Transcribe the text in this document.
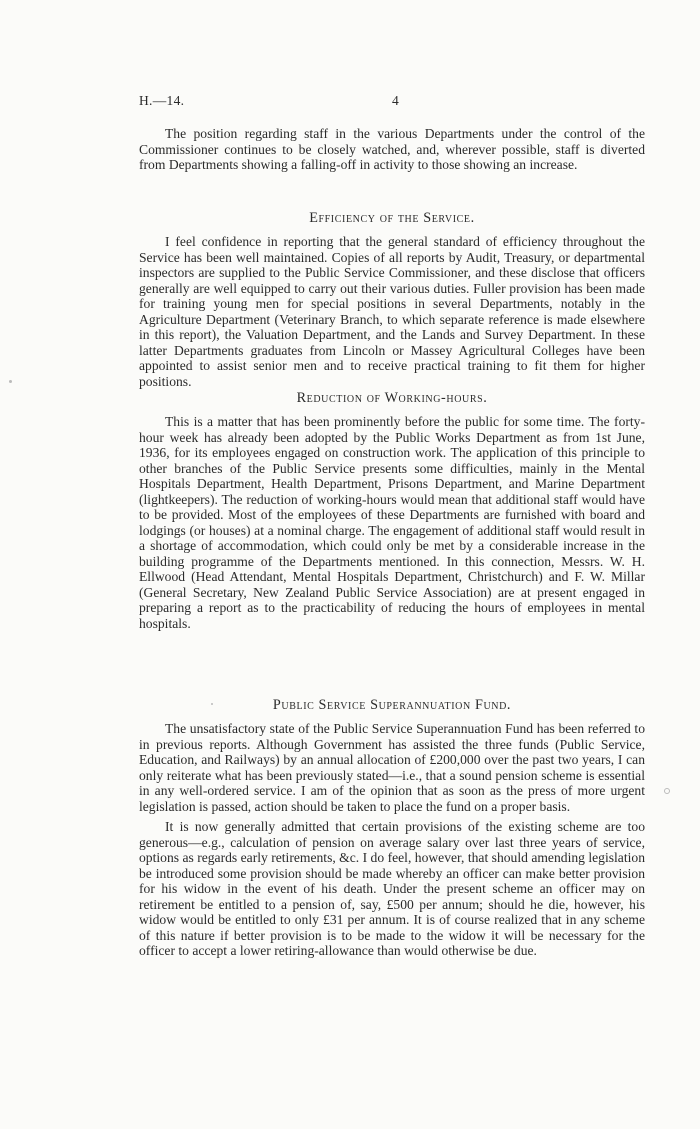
H.—14.	4

The position regarding staff in the various Departments under the control of the Commissioner continues to be closely watched, and, wherever possible, staff is diverted from Departments showing a falling-off in activity to those showing an increase.

Efficiency of the Service.

I feel confidence in reporting that the general standard of efficiency throughout the Service has been well maintained. Copies of all reports by Audit, Treasury, or departmental inspectors are supplied to the Public Service Commissioner, and these disclose that officers generally are well equipped to carry out their various duties. Fuller provision has been made for training young men for special positions in several Departments, notably in the Agriculture Department (Veterinary Branch, to which separate reference is made elsewhere in this report), the Valuation Department, and the Lands and Survey Department. In these latter Departments graduates from Lincoln or Massey Agricultural Colleges have been appointed to assist senior men and to receive practical training to fit them for higher positions.

Reduction of Working-hours.

This is a matter that has been prominently before the public for some time. The forty-hour week has already been adopted by the Public Works Department as from 1st June, 1936, for its employees engaged on construction work. The application of this principle to other branches of the Public Service presents some difficulties, mainly in the Mental Hospitals Department, Health Department, Prisons Department, and Marine Department (lightkeepers). The reduction of working-hours would mean that additional staff would have to be provided. Most of the employees of these Departments are furnished with board and lodgings (or houses) at a nominal charge. The engagement of additional staff would result in a shortage of accommodation, which could only be met by a considerable increase in the building programme of the Departments mentioned. In this connection, Messrs. W. H. Ellwood (Head Attendant, Mental Hospitals Department, Christchurch) and F. W. Millar (General Secretary, New Zealand Public Service Association) are at present engaged in preparing a report as to the practicability of reducing the hours of employees in mental hospitals.

Public Service Superannuation Fund.

The unsatisfactory state of the Public Service Superannuation Fund has been referred to in previous reports. Although Government has assisted the three funds (Public Service, Education, and Railways) by an annual allocation of £200,000 over the past two years, I can only reiterate what has been previously stated—i.e., that a sound pension scheme is essential in any well-ordered service. I am of the opinion that as soon as the press of more urgent legislation is passed, action should be taken to place the fund on a proper basis.

It is now generally admitted that certain provisions of the existing scheme are too generous—e.g., calculation of pension on average salary over last three years of service, options as regards early retirements, &c. I do feel, however, that should amending legislation be introduced some provision should be made whereby an officer can make better provision for his widow in the event of his death. Under the present scheme an officer may on retirement be entitled to a pension of, say, £500 per annum; should he die, however, his widow would be entitled to only £31 per annum. It is of course realized that in any scheme of this nature if better provision is to be made to the widow it will be necessary for the officer to accept a lower retiring-allowance than would otherwise be due.
